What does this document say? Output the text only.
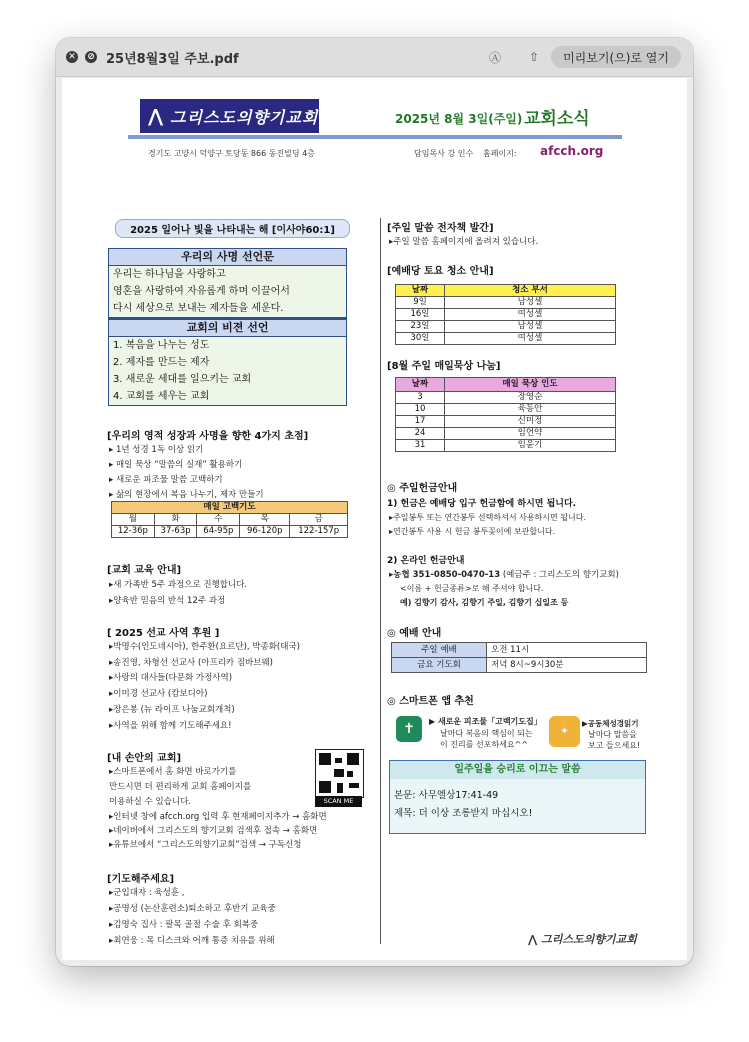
✕ ⊘ 25년8월3일 주보.pdf	Ⓐ ⇧	미리보기(으)로 열기
⋀ 그리스도의향기교회	2025년 8월 3일(주일) 교회소식
경기도 고양시 덕양구 토당동 866 동진빌딩 4층	담임목사 강 인수 홈페이지: afcch.org
2025 일어나 빛을 나타내는 해 [이사야60:1]
우리의 사명 선언문
우리는 하나님을 사랑하고
영혼을 사랑하여 자유롭게 하며 이끌어서
다시 세상으로 보내는 제자들을 세운다.
교회의 비젼 선언
1. 복음을 나누는 성도
2. 제자를 만드는 제자
3. 새로운 세대를 일으키는 교회
4. 교회를 세우는 교회
[우리의 영적 성장과 사명을 향한 4가지 초점]
▸ 1년 성경 1독 이상 읽기
▸ 매일 묵상 “말씀의 실재” 활용하기
▸ 새로운 피조물 말씀 고백하기
▸ 삶의 현장에서 복음 나누기, 제자 만들기
매일 고백기도				
월	화	수	목	금
12-36p	37-63p	64-95p	96-120p	122-157p
[교회 교육 안내]
▸새 가족반 5주 과정으로 진행합니다.
▸양육반 믿음의 반석 12주 과정
[ 2025 선교 사역 후원 ]
▸박명수(인도네시아), 한주환(요르단), 박종화(태국)
▸송진영, 차형선 선교사 (아프리카 짐바브웨)
▸사랑의 대사들(다문화 가정사역)
▸이미경 선교사 (캄보디아)
▸장은봉 (뉴 라이프 나눔교회개척)
▸사역을 위해 함께 기도해주세요!
[내 손안의 교회]
▸스마트폰에서 홈 화면 바로가기를
만드시면 더 편리하게 교회 홈페이지를
이용하실 수 있습니다.
▸인터넷 창에 afcch.org 입력 후 현재페이지추가 → 홈화면
▸네이버에서 그리스도의 향기교회 검색후 접속 → 홈화면
▸유튜브에서 “그리스도의향기교회”검색 → 구독신청
SCAN ME
[기도해주세요]
▸군입대자 : 육성훈 ,
▸공명성 (논산훈련소)퇴소하고 후반기 교육중
▸김명숙 집사 : 팔목 골절 수술 후 회복중
▸최연웅 : 목 디스크와 어깨 통증 치유를 위해
[주일 말씀 전자책 발간]
▸주일 말씀 홈페이지에 올려져 있습니다.
[예배당 토요 청소 안내]
날짜	청소 부서
9일	남성셀
16일	여성셀
23일	남성셀
30일	여성셀
[8월 주일 매일묵상 나눔]
날짜	매일 묵상 인도
3	장영순
10	육동안
17	신미정
24	임언약
31	임윤기
◎ 주일헌금안내
1) 헌금은 예배당 입구 헌금함에 하시면 됩니다.
▸주일봉투 또는 연간봉투 선택하셔서 사용하시면 됩니다.
▸연간봉투 사용 시 헌금 봉투꽂이에 보관합니다.
2) 온라인 헌금안내
▸농협 351-0850-0470-13 (예금주 : 그리스도의 향기교회)
<이름 + 헌금종류>로 해 주셔야 합니다.
예) 김향기 감사, 김향기 주일, 김향기 십일조 등
◎ 예배 안내
주일 예배	오전 11시
금요 기도회	저녁 8시~9시30분
◎ 스마트폰 앱 추천
✝	▶ 새로운 피조물「고백기도집」
날마다 복음의 핵심이 되는
이 진리를 선포하세요^^
✦
▶공동체성경읽기
날마다 말씀을
보고 들으세요!
일주일을 승리로 이끄는 말씀
본문: 사무엘상17:41-49
제목: 더 이상 조롱받지 마십시오!
⋀ 그리스도의향기교회
